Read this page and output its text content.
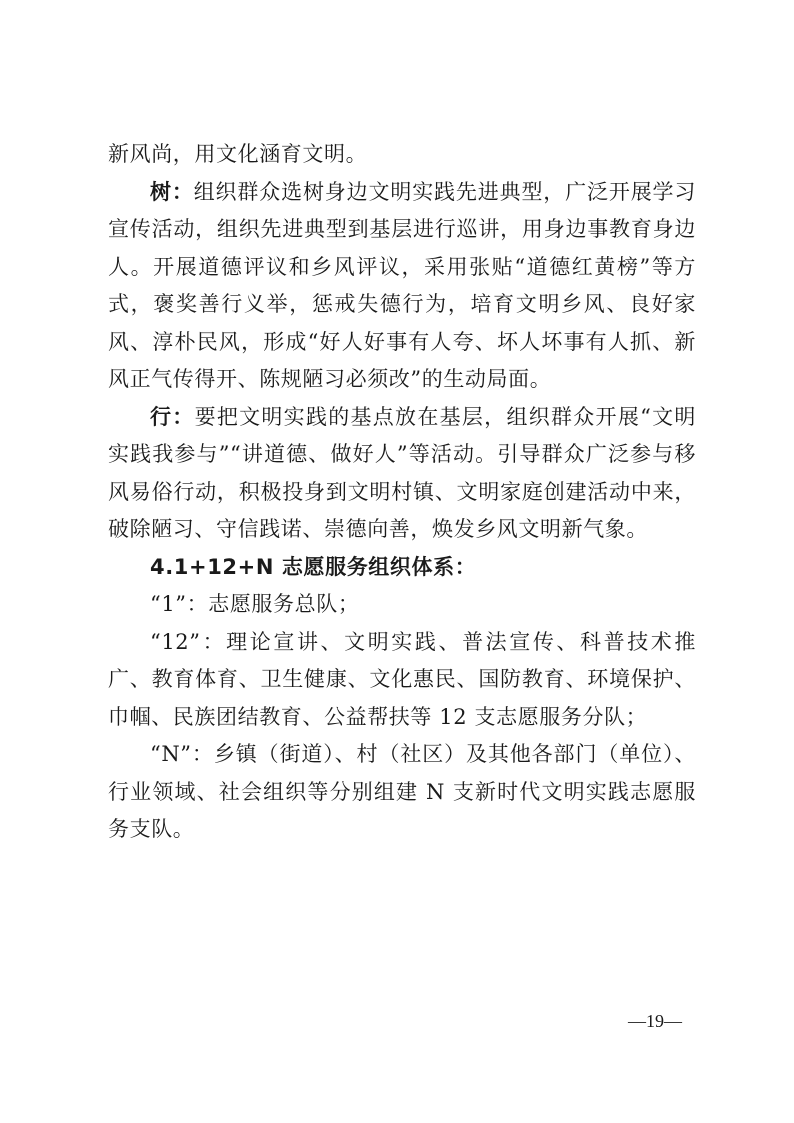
新风尚，用文化涵育文明。

树：组织群众选树身边文明实践先进典型，广泛开展学习宣传活动，组织先进典型到基层进行巡讲，用身边事教育身边人。开展道德评议和乡风评议，采用张贴“道德红黄榜”等方式，褒奖善行义举，惩戒失德行为，培育文明乡风、良好家风、淳朴民风，形成“好人好事有人夸、坏人坏事有人抓、新风正气传得开、陈规陋习必须改”的生动局面。

行：要把文明实践的基点放在基层，组织群众开展“文明实践我参与”“讲道德、做好人”等活动。引导群众广泛参与移风易俗行动，积极投身到文明村镇、文明家庭创建活动中来，破除陋习、守信践诺、崇德向善，焕发乡风文明新气象。

4.1+12+N 志愿服务组织体系：

“1”：志愿服务总队；

“12”：理论宣讲、文明实践、普法宣传、科普技术推广、教育体育、卫生健康、文化惠民、国防教育、环境保护、巾帼、民族团结教育、公益帮扶等 12 支志愿服务分队；

“N”：乡镇（街道）、村（社区）及其他各部门（单位）、行业领域、社会组织等分别组建 N 支新时代文明实践志愿服务支队。

—19—
